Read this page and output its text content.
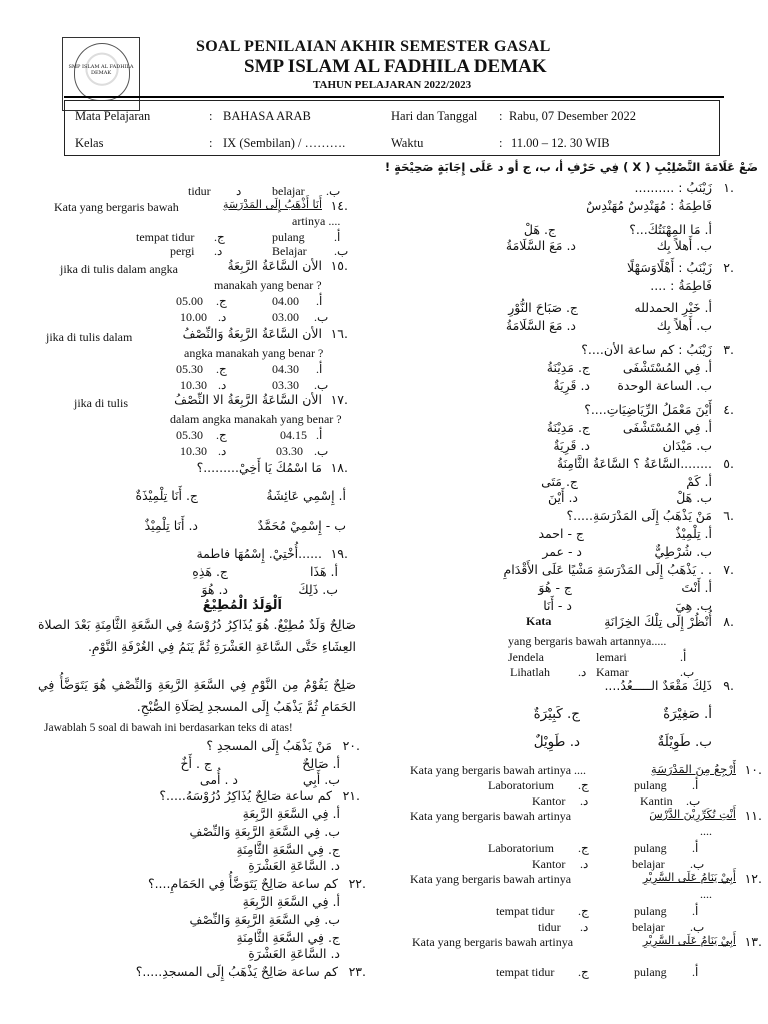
SMP ISLAM AL FADHILA DEMAK
SOAL PENILAIAN AKHIR SEMESTER GASAL
SMP ISLAM AL FADHILA DEMAK
TAHUN PELAJARAN 2022/2023
Mata Pelajaran	: BAHASA ARAB	Hari dan Tanggal : Rabu, 07 Desember 2022
Kelas	: IX (Sembilan) / ……….	Waktu	: 11.00 – 12. 30 WIB
ضَعْ عَلَامَةَ التَّصْلِيْبِ ( X ) فِي حَرْفِ أ، ب، ج أو د عَلَى إِجَابَةٍ صَحِيْحَةٍ !
.١
زَيْنَبُ : ..........
فَاطِمَةُ : مُهَنْدِسٌ مُهَنْدِسٌ
أ. مَا المِهْنَتُكَ...؟
ج. هَلْ
ب. أَهلاً بِك
د. مَعَ السَّلَامَةُ
.٢
زَيْنَبُ : أَهْلًاوَسَهْلًا
فَاطِمَةُ : ....
أ. خَيْرِ الحمدلله
ج. صَبَاحَ النُّوْرِ
ب. أَهلاً بِك
د. مَعَ السَّلَامَةُ
.٣
زَيْنَبُ : كم ساعة الأن....؟
أ. فِي المُسْتَشْفَى
ج. مَدِيْنَةُ
ب. الساعة الوحدة
د. قَرِيَةٌ
.٤
أَيْنَ مَعْمَلُ الرِّيَاضِيَاتِ....؟
أ. فِي المُسْتَشْفَى
ج. مَدِيْنَةُ
ب. مَيْدَان
د. قَرِيَةٌ
.٥
........السَّاعَةُ ؟ السَّاعَةُ الثَّامِنَةُ
أ. كَمْ
ج. مَتَى
ب. هَلْ
د. أَيْنَ
.٦
مَنْ يَذْهَبُ إِلَى المَدْرَسَةِ.....؟
أ. تِلْمِيْذٌ
ج - احمد
ب. شُرْطِيٌّ
د - عمر
.٧
. . يَذْهَبُ إِلَى المَدْرَسَةِ مَشْيًا عَلَى الأَقْدَامِ
أ. أَنْتَ
ج - هُوَ
ب. هِيَ
د - أَنَا
.٨
أُنْظُرْ إِلَى تِلْكَ الخِزَانَةِ
Kata
yang bergaris bawah artannya.....
Jendela	lemari	.أ
Lihatlah .د Kamar	.ب
.٩
ذَلِكَ مَقْعَدٌ الـــــعُدُ....
أ. صَغِيْرَةٌ
ج. كَبِيْرَةٌ
ب. طَوِيْلَةٌ
د. طَوِيْلٌ
.١٠
أَرْجِعُ مِنَ المَدْرَسَةِ
Kata yang bergaris bawah artinya ....
Laboratorium .ج	pulang .أ
Kantor .د	Kantin .ب
.١١
أَنْتِ تُكَرِّرِيْنَ الدَّرْسَ
Kata yang bergaris bawah artinya
....
Laboratorium .ج	pulang .أ
Kantor .د	belajar .ب
.١٢
أَبِيْ يَنَامُ عَلَى السَّرِيْرِ
Kata yang bergaris bawah artinya
....
tempat tidur .ج	pulang .أ
tidur .د	belajar .ب
.١٣
أَبِيْ يَنَامُ عَلَى السَّرِيْرِ
Kata yang bergaris bawah artinya
tempat tidur .ج	pulang .أ
tidur د	belajar .ب
.١٤
أَنَا أَذْهَبُ إِلَى المَدْرَسَةِ
Kata yang bergaris bawah
artinya ....
tempat tidur .ج	pulang .أ
pergi .د	Belajar .ب
.١٥
الأن السَّاعَةُ الرَّبِعَةُ
jika di tulis dalam angka
manakah yang benar ?
05.00 .ج	04.00 .أ
10.00 .د	03.00 .ب
.١٦
الأن السَّاعَةُ الرَّبِعَةُ وَالنِّصْفُ
jika di tulis dalam
angka manakah yang benar ?
05.30 .ج	04.30 .أ
10.30 .د	03.30 .ب
.١٧
الأن السَّاعَةُ الرَّبِعَةُ الا النِّصْفُ
jika di tulis
dalam angka manakah yang benar ?
05.30 .ج	04.15 .أ
10.30 .د	03.30 .ب
.١٨
مَا اسْمُكَ يَا أَخِيْ.........؟
أ. إِسْمِي عَائِشَةُ
ج. أَنَا تِلْمِيْذَةٌ
ب - إِسْمِيْ مُحَمَّدٌ
د. أَنَا تِلْمِيْذٌ
.١٩
......أُخْتِيْ. إِسْمُهَا فاطمة
أ. هَذَا
ج. هَذِهِ
ب. ذَلِكَ
د. هُوَ
اَلْوَلَدُ الْمُطِيْعُ
صَالِحٌ وَلَدٌ مُطِيْعٌ. هُوَ يُذَاكِرُ دُرُوْسَهُ فِي السَّعَةِ الثَّامِنَةِ بَعْدَ الصلاة العِشَاءِ حَتَّى السَّاعَةِ العَشْرَةِ ثُمَّ يَنَمُ فِي الغُرْفَةِ النَّوْمِ.
صَلِحٌ يَقُوْمُ مِن النَّوْمِ فِي السَّعَةِ الرَّبِعَةِ وَالنِّصْفِ هُوَ يَتَوَضَّأُ فِي الحَمَامِ ثُمَّ يَذْهَبُ إِلَى المسجدِ لِصَلَاةِ الصُّبْحِ.
Jawablah 5 soal di bawah ini berdasarkan teks di atas!
.٢٠
مَنْ يَذْهَبُ إِلَى المسجدِ ؟
أ. صَالِحٌ
ج . أَخٌ
ب. أَبِي
د . أُمى
.٢١
كم ساعة صَالِحٌ يُذَاكِرُ دُرُوْسَهُ.....؟
أ. فِي السَّعَةِ الرَّبِعَةِ
ب. فِي السَّعَةِ الرَّبِعَةِ وَالنِّصْفِ
ج. فِي السَّعَةِ الثَّامِنَةِ
د. السَّاعَةِ العَشْرَةِ
.٢٢
كم ساعة صَالِحٌ يَتَوَضَّأُ فِي الحَمَامِ....؟
أ. فِي السَّعَةِ الرَّبِعَةِ
ب. فِي السَّعَةِ الرَّبِعَةِ وَالنِّصْفِ
ج. فِي السَّعَةِ الثَّامِنَةِ
د. السَّاعَةِ العَشْرَةِ
.٢٣
كم ساعة صَالِحٌ يَذْهَبُ إِلَى المسجدِ.....؟
